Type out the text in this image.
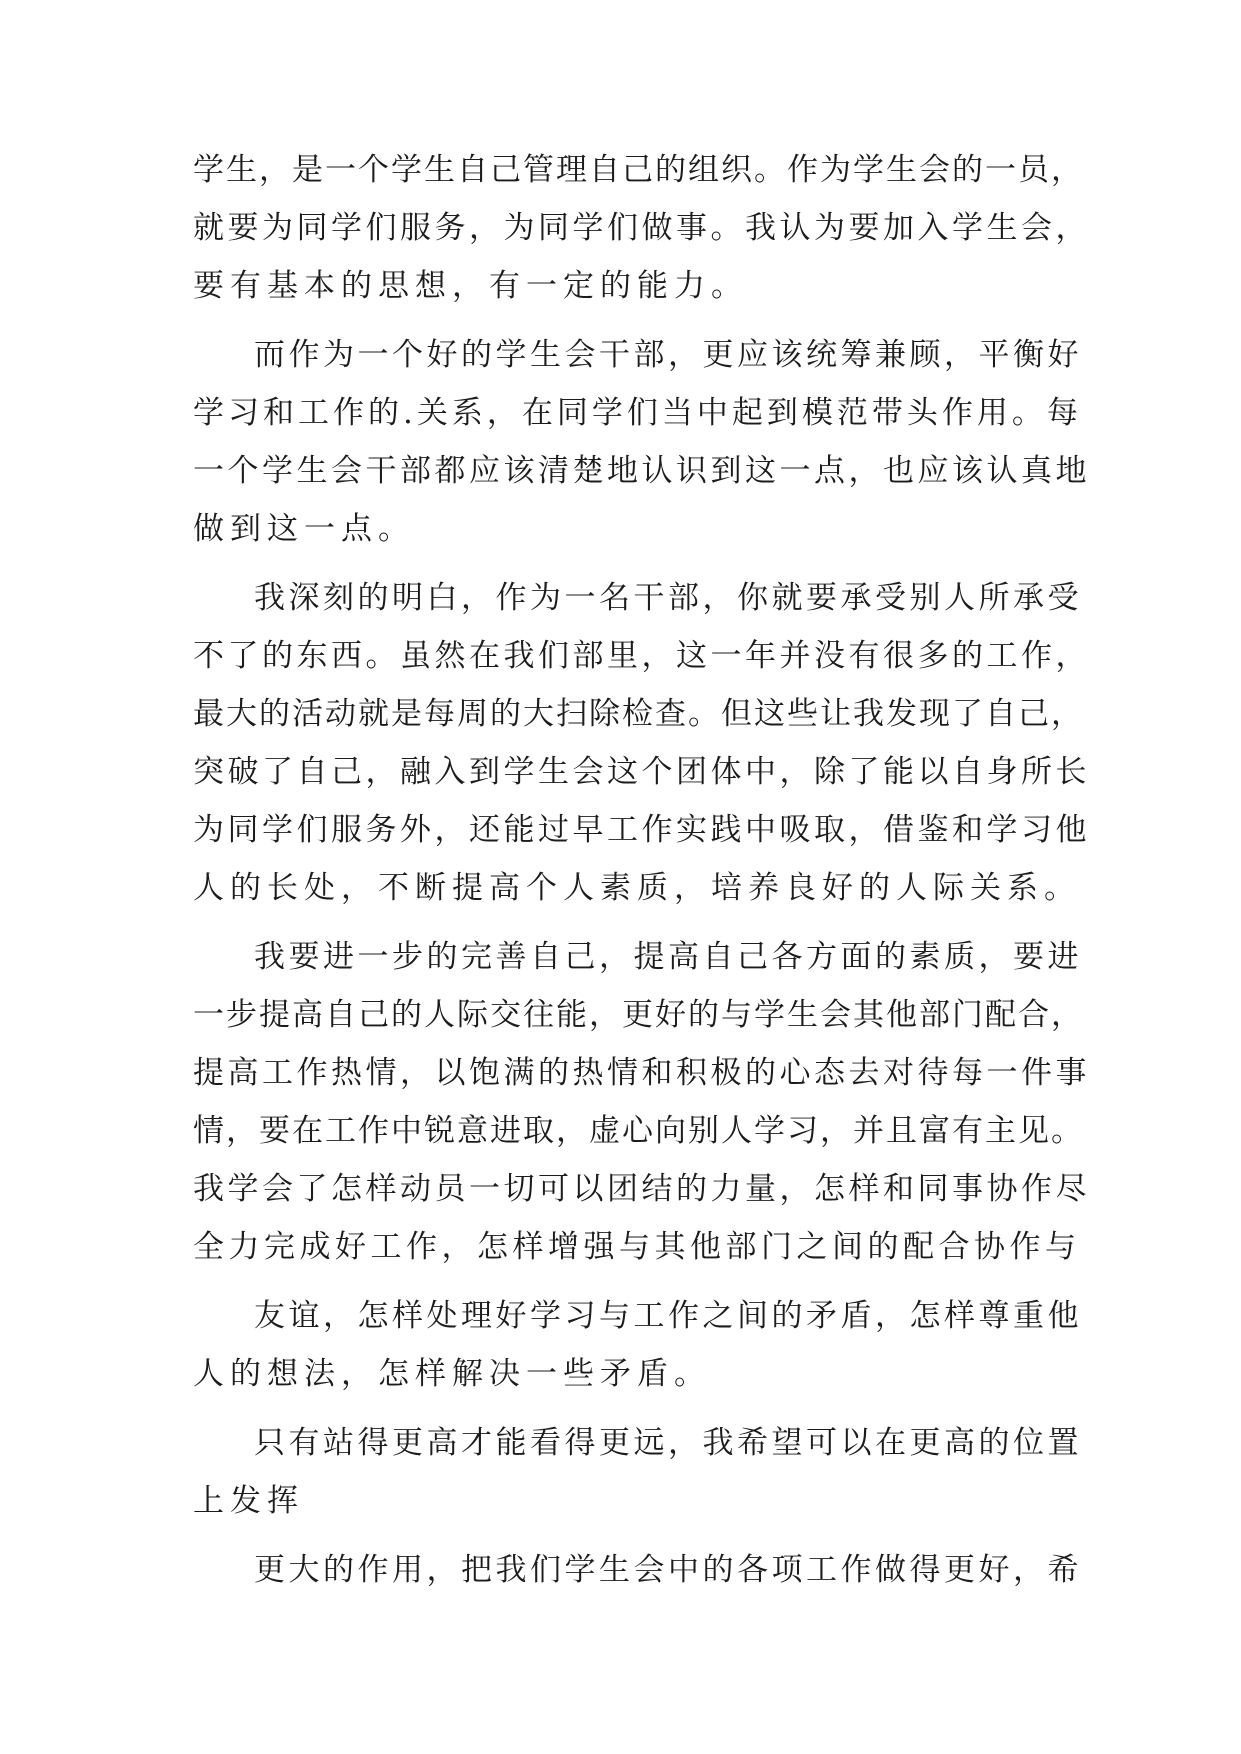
学生，是一个学生自己管理自己的组织。作为学生会的一员，
就要为同学们服务，为同学们做事。我认为要加入学生会，
要有基本的思想，有一定的能力。
而作为一个好的学生会干部，更应该统筹兼顾，平衡好
学习和工作的.关系，在同学们当中起到模范带头作用。每
一个学生会干部都应该清楚地认识到这一点，也应该认真地
做到这一点。
我深刻的明白，作为一名干部，你就要承受别人所承受
不了的东西。虽然在我们部里，这一年并没有很多的工作，
最大的活动就是每周的大扫除检查。但这些让我发现了自己，
突破了自己，融入到学生会这个团体中，除了能以自身所长
为同学们服务外，还能过早工作实践中吸取，借鉴和学习他
人的长处，不断提高个人素质，培养良好的人际关系。
我要进一步的完善自己，提高自己各方面的素质，要进
一步提高自己的人际交往能，更好的与学生会其他部门配合，
提高工作热情，以饱满的热情和积极的心态去对待每一件事
情，要在工作中锐意进取，虚心向别人学习，并且富有主见。
我学会了怎样动员一切可以团结的力量，怎样和同事协作尽
全力完成好工作，怎样增强与其他部门之间的配合协作与
友谊，怎样处理好学习与工作之间的矛盾，怎样尊重他
人的想法，怎样解决一些矛盾。
只有站得更高才能看得更远，我希望可以在更高的位置
上发挥
更大的作用，把我们学生会中的各项工作做得更好，希
